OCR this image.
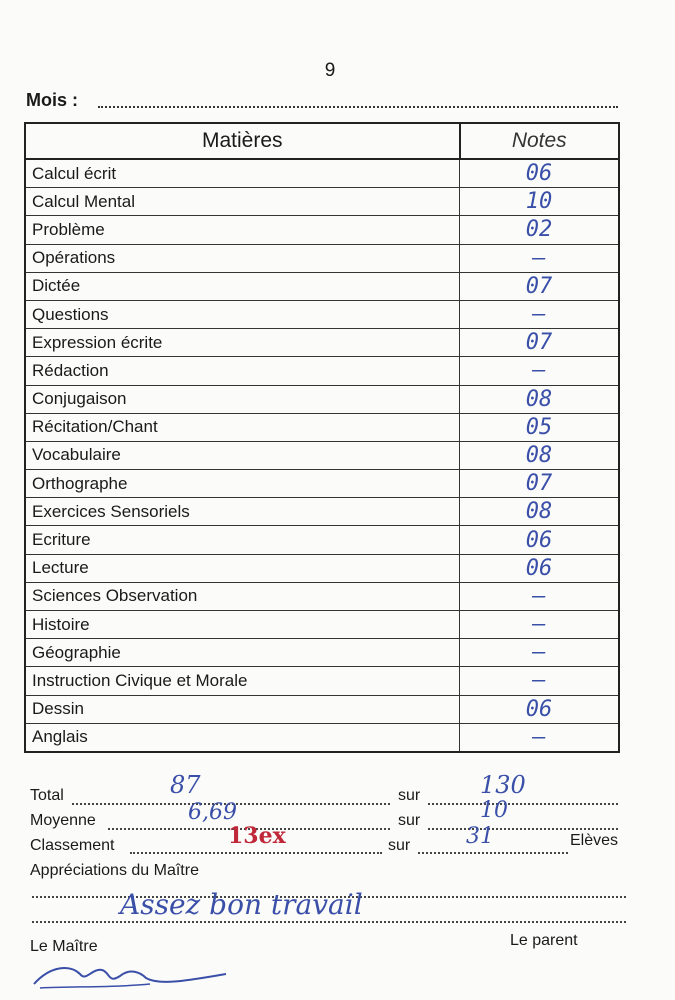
9
Mois :
Matières	Notes
Calcul écrit	06
Calcul Mental	10
Problème	02
Opérations	—
Dictée	07
Questions	—
Expression écrite	07
Rédaction	—
Conjugaison	08
Récitation/Chant	05
Vocabulaire	08
Orthographe	07
Exercices Sensoriels	08
Ecriture	06
Lecture	06
Sciences Observation	—
Histoire	—
Géographie	—
Instruction Civique et Morale	—
Dessin	06
Anglais	—
Total	87	sur 130
Moyenne	6,69	sur	10
Classement	13ex	sur	31	Elèves
Appréciations du Maître
Assez bon travail
Le Maître	Le parent
